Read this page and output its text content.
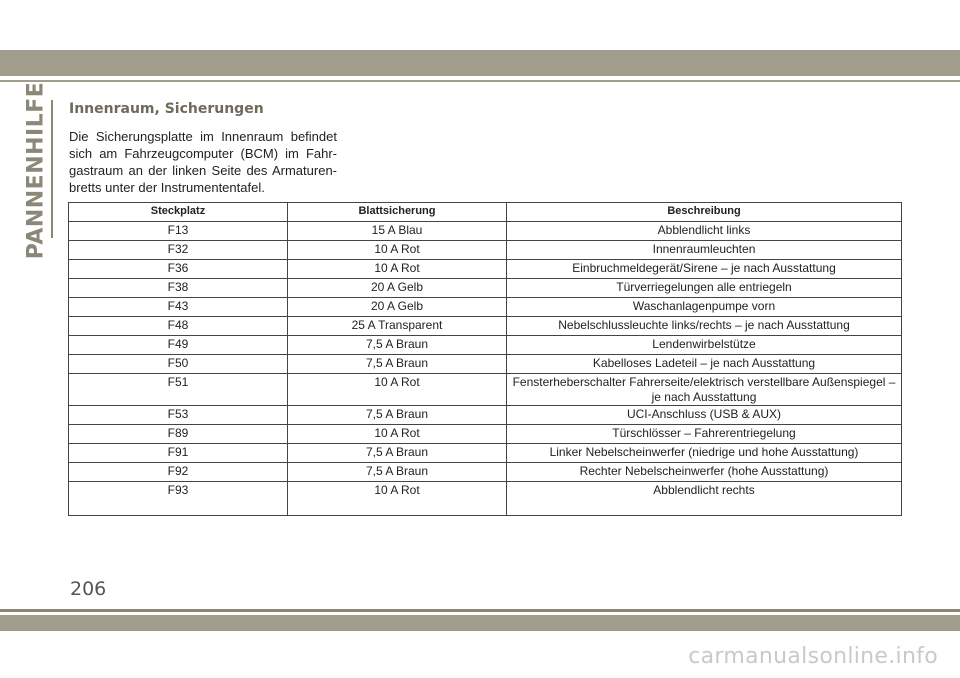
PANNENHILFE Innenraum, Sicherungen
Die Sicherungsplatte im Innenraum befindet sich am Fahrzeugcomputer (BCM) im Fahr-gastraum an der linken Seite des Armaturen-bretts unter der Instrumententafel.
Steckplatz	Blattsicherung	Beschreibung
F13	15 A Blau	Abblendlicht links
F32	10 A Rot	Innenraumleuchten
F36	10 A Rot	Einbruchmeldegerät/Sirene – je nach Ausstattung
F38	20 A Gelb	Türverriegelungen alle entriegeln
F43	20 A Gelb	Waschanlagenpumpe vorn
F48	25 A Transparent	Nebelschlussleuchte links/rechts – je nach Ausstattung
F49	7,5 A Braun	Lendenwirbelstütze
F50	7,5 A Braun	Kabelloses Ladeteil – je nach Ausstattung
F51	10 A Rot	Fensterheberschalter Fahrerseite/elektrisch verstellbare Außenspiegel – je nach Ausstattung
F53	7,5 A Braun	UCI-Anschluss (USB & AUX)
F89	10 A Rot	Türschlösser – Fahrerentriegelung
F91	7,5 A Braun	Linker Nebelscheinwerfer (niedrige und hohe Ausstattung)
F92	7,5 A Braun	Rechter Nebelscheinwerfer (hohe Ausstattung)
F93	10 A Rot	Abblendlicht rechts
206
carmanualsonline.info
